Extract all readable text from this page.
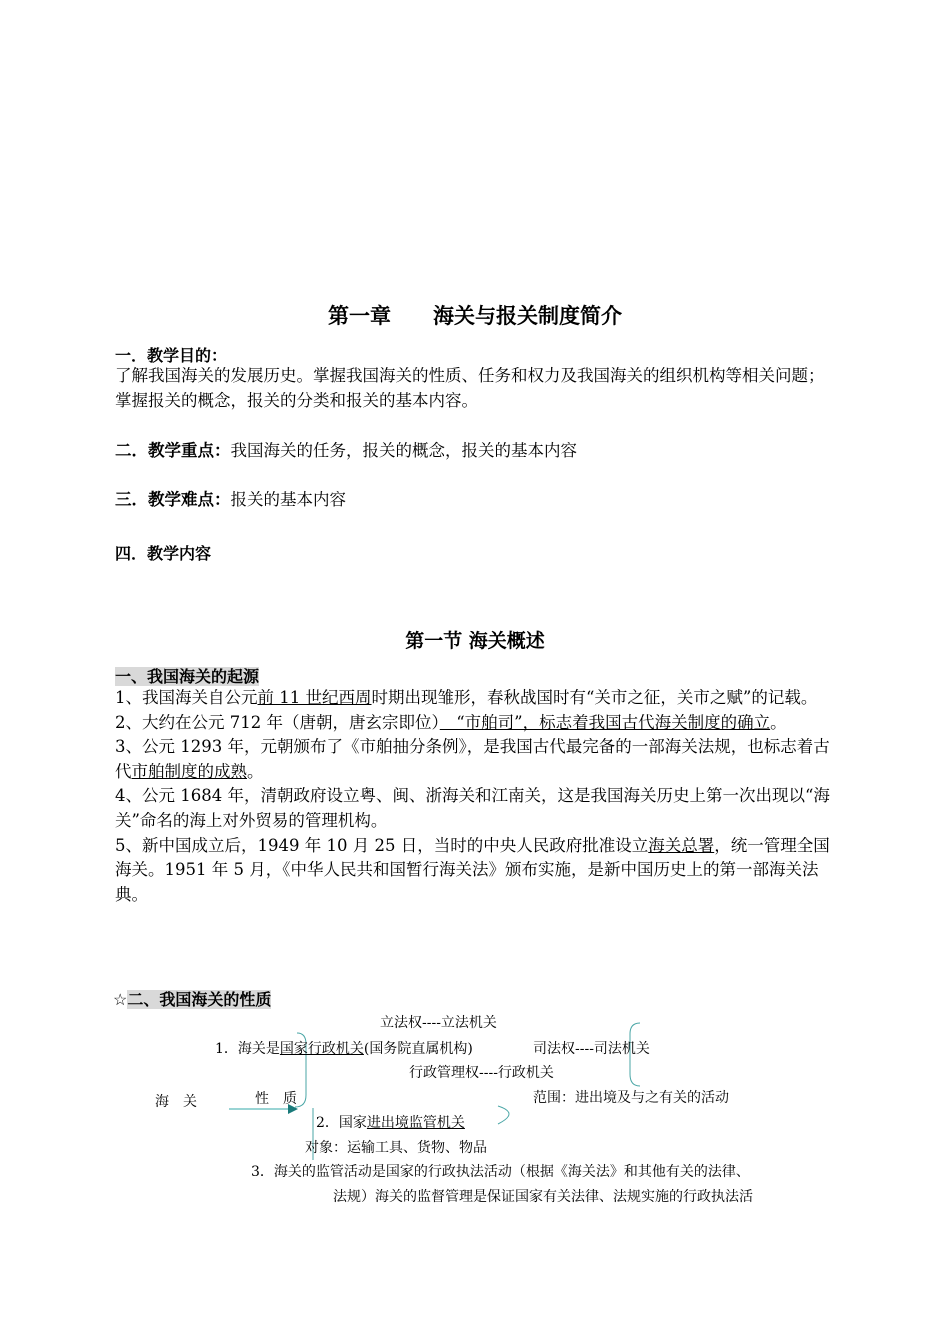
第一章　　海关与报关制度简介
一．教学目的：
了解我国海关的发展历史。掌握我国海关的性质、任务和权力及我国海关的组织机构等相关问题；掌握报关的概念，报关的分类和报关的基本内容。
二．教学重点：我国海关的任务，报关的概念，报关的基本内容
三．教学难点：报关的基本内容
四．教学内容
第一节 海关概述
一、我国海关的起源
1、我国海关自公元前 11 世纪西周时期出现雏形，春秋战国时有“关市之征，关市之赋”的记载。
2、大约在公元 712 年（唐朝，唐玄宗即位）　“市舶司”，标志着我国古代海关制度的确立。
3、公元 1293 年，元朝颁布了《市舶抽分条例》，是我国古代最完备的一部海关法规，也标志着古代市舶制度的成熟。
4、公元 1684 年，清朝政府设立粤、闽、浙海关和江南关，这是我国海关历史上第一次出现以“海关”命名的海上对外贸易的管理机构。
5、新中国成立后，1949 年 10 月 25 日，当时的中央人民政府批准设立海关总署，统一管理全国海关。1951 年 5 月，《中华人民共和国暂行海关法》颁布实施，是新中国历史上的第一部海关法典。
☆二、我国海关的性质
立法权----立法机关
1．海关是国家行政机关(国务院直属机构)	司法权----司法机关
行政管理权----行政机关
海　关	性　质	范围：进出境及与之有关的活动
2．国家进出境监管机关
对象：运输工具、货物、物品
3．海关的监管活动是国家的行政执法活动（根据《海关法》和其他有关的法律、
法规）海关的监督管理是保证国家有关法律、法规实施的行政执法活
